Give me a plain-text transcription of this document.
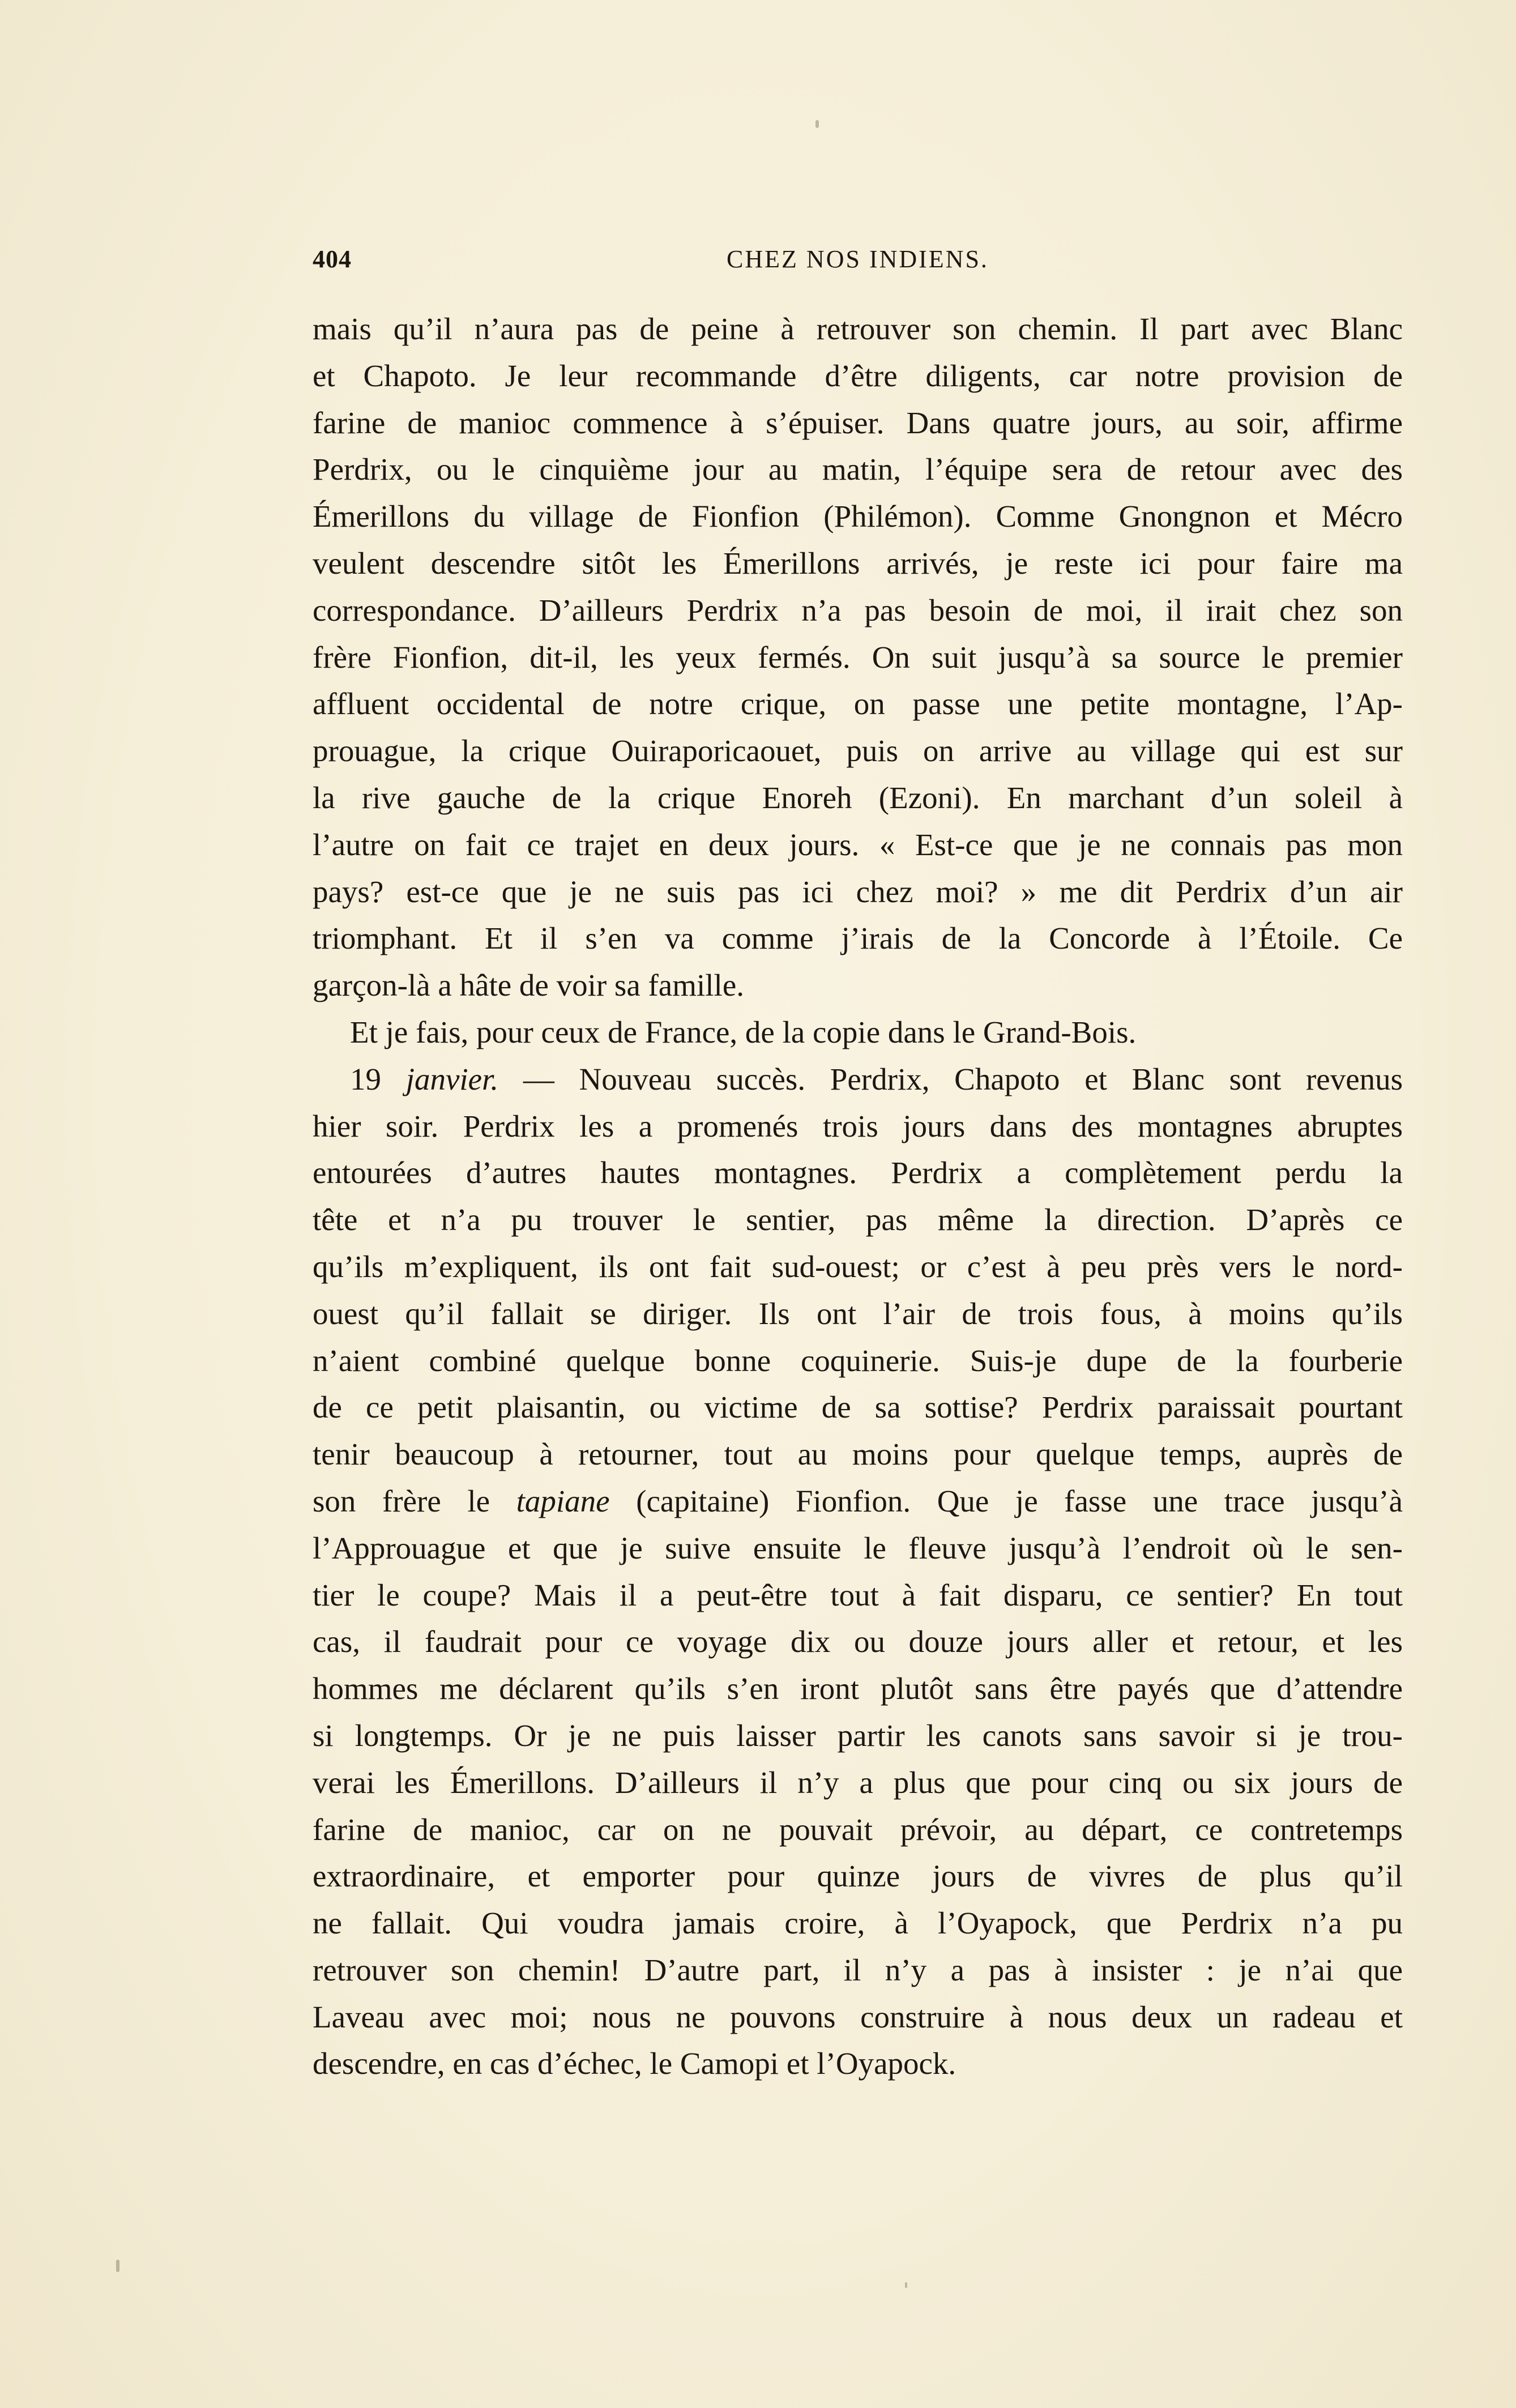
404	CHEZ NOS INDIENS.
mais qu’il n’aura pas de peine à retrouver son chemin. Il part avec Blanc
et Chapoto. Je leur recommande d’être diligents, car notre provision de
farine de manioc commence à s’épuiser. Dans quatre jours, au soir, affirme
Perdrix, ou le cinquième jour au matin, l’équipe sera de retour avec des
Émerillons du village de Fionfion (Philémon). Comme Gnongnon et Mécro
veulent descendre sitôt les Émerillons arrivés, je reste ici pour faire ma
correspondance. D’ailleurs Perdrix n’a pas besoin de moi, il irait chez son
frère Fionfion, dit-il, les yeux fermés. On suit jusqu’à sa source le premier
affluent occidental de notre crique, on passe une petite montagne, l’Ap-
prouague, la crique Ouiraporicaouet, puis on arrive au village qui est sur
la rive gauche de la crique Enoreh (Ezoni). En marchant d’un soleil à
l’autre on fait ce trajet en deux jours. « Est-ce que je ne connais pas mon
pays? est-ce que je ne suis pas ici chez moi? » me dit Perdrix d’un air
triomphant. Et il s’en va comme j’irais de la Concorde à l’Étoile. Ce
garçon-là a hâte de voir sa famille.
Et je fais, pour ceux de France, de la copie dans le Grand-Bois.
19 janvier. — Nouveau succès. Perdrix, Chapoto et Blanc sont revenus
hier soir. Perdrix les a promenés trois jours dans des montagnes abruptes
entourées d’autres hautes montagnes. Perdrix a complètement perdu la
tête et n’a pu trouver le sentier, pas même la direction. D’après ce
qu’ils m’expliquent, ils ont fait sud-ouest; or c’est à peu près vers le nord-
ouest qu’il fallait se diriger. Ils ont l’air de trois fous, à moins qu’ils
n’aient combiné quelque bonne coquinerie. Suis-je dupe de la fourberie
de ce petit plaisantin, ou victime de sa sottise? Perdrix paraissait pourtant
tenir beaucoup à retourner, tout au moins pour quelque temps, auprès de
son frère le tapiane (capitaine) Fionfion. Que je fasse une trace jusqu’à
l’Approuague et que je suive ensuite le fleuve jusqu’à l’endroit où le sen-
tier le coupe? Mais il a peut-être tout à fait disparu, ce sentier? En tout
cas, il faudrait pour ce voyage dix ou douze jours aller et retour, et les
hommes me déclarent qu’ils s’en iront plutôt sans être payés que d’attendre
si longtemps. Or je ne puis laisser partir les canots sans savoir si je trou-
verai les Émerillons. D’ailleurs il n’y a plus que pour cinq ou six jours de
farine de manioc, car on ne pouvait prévoir, au départ, ce contretemps
extraordinaire, et emporter pour quinze jours de vivres de plus qu’il
ne fallait. Qui voudra jamais croire, à l’Oyapock, que Perdrix n’a pu
retrouver son chemin! D’autre part, il n’y a pas à insister : je n’ai que
Laveau avec moi; nous ne pouvons construire à nous deux un radeau et
descendre, en cas d’échec, le Camopi et l’Oyapock.
